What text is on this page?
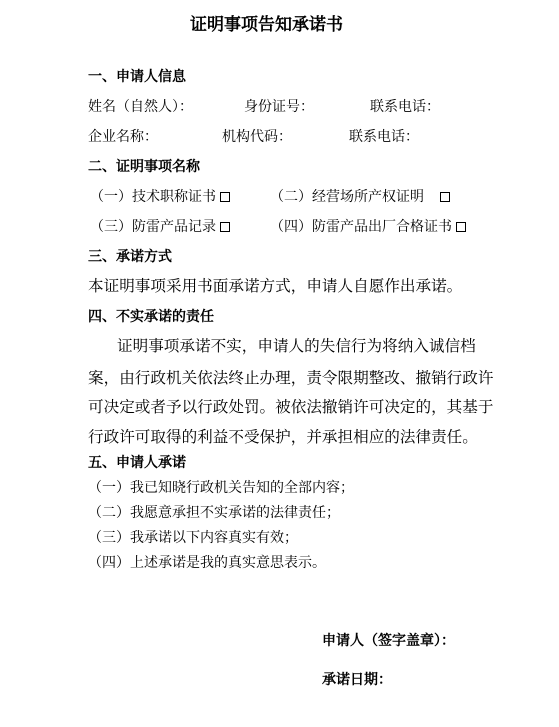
证明事项告知承诺书
一、申请人信息
姓名（自然人）：	身份证号：	联系电话：
企业名称：	机构代码：	联系电话：
二、证明事项名称
（一）技术职称证书	（二）经营场所产权证明
（三）防雷产品记录	（四）防雷产品出厂合格证书
三、承诺方式
本证明事项采用书面承诺方式，申请人自愿作出承诺。
四、不实承诺的责任
证明事项承诺不实，申请人的失信行为将纳入诚信档
案，由行政机关依法终止办理，责令限期整改、撤销行政许
可决定或者予以行政处罚。被依法撤销许可决定的，其基于
行政许可取得的利益不受保护，并承担相应的法律责任。
五、申请人承诺
（一）我已知晓行政机关告知的全部内容；
（二）我愿意承担不实承诺的法律责任；
（三）我承诺以下内容真实有效；
（四）上述承诺是我的真实意思表示。
申请人（签字盖章）：
承诺日期：
